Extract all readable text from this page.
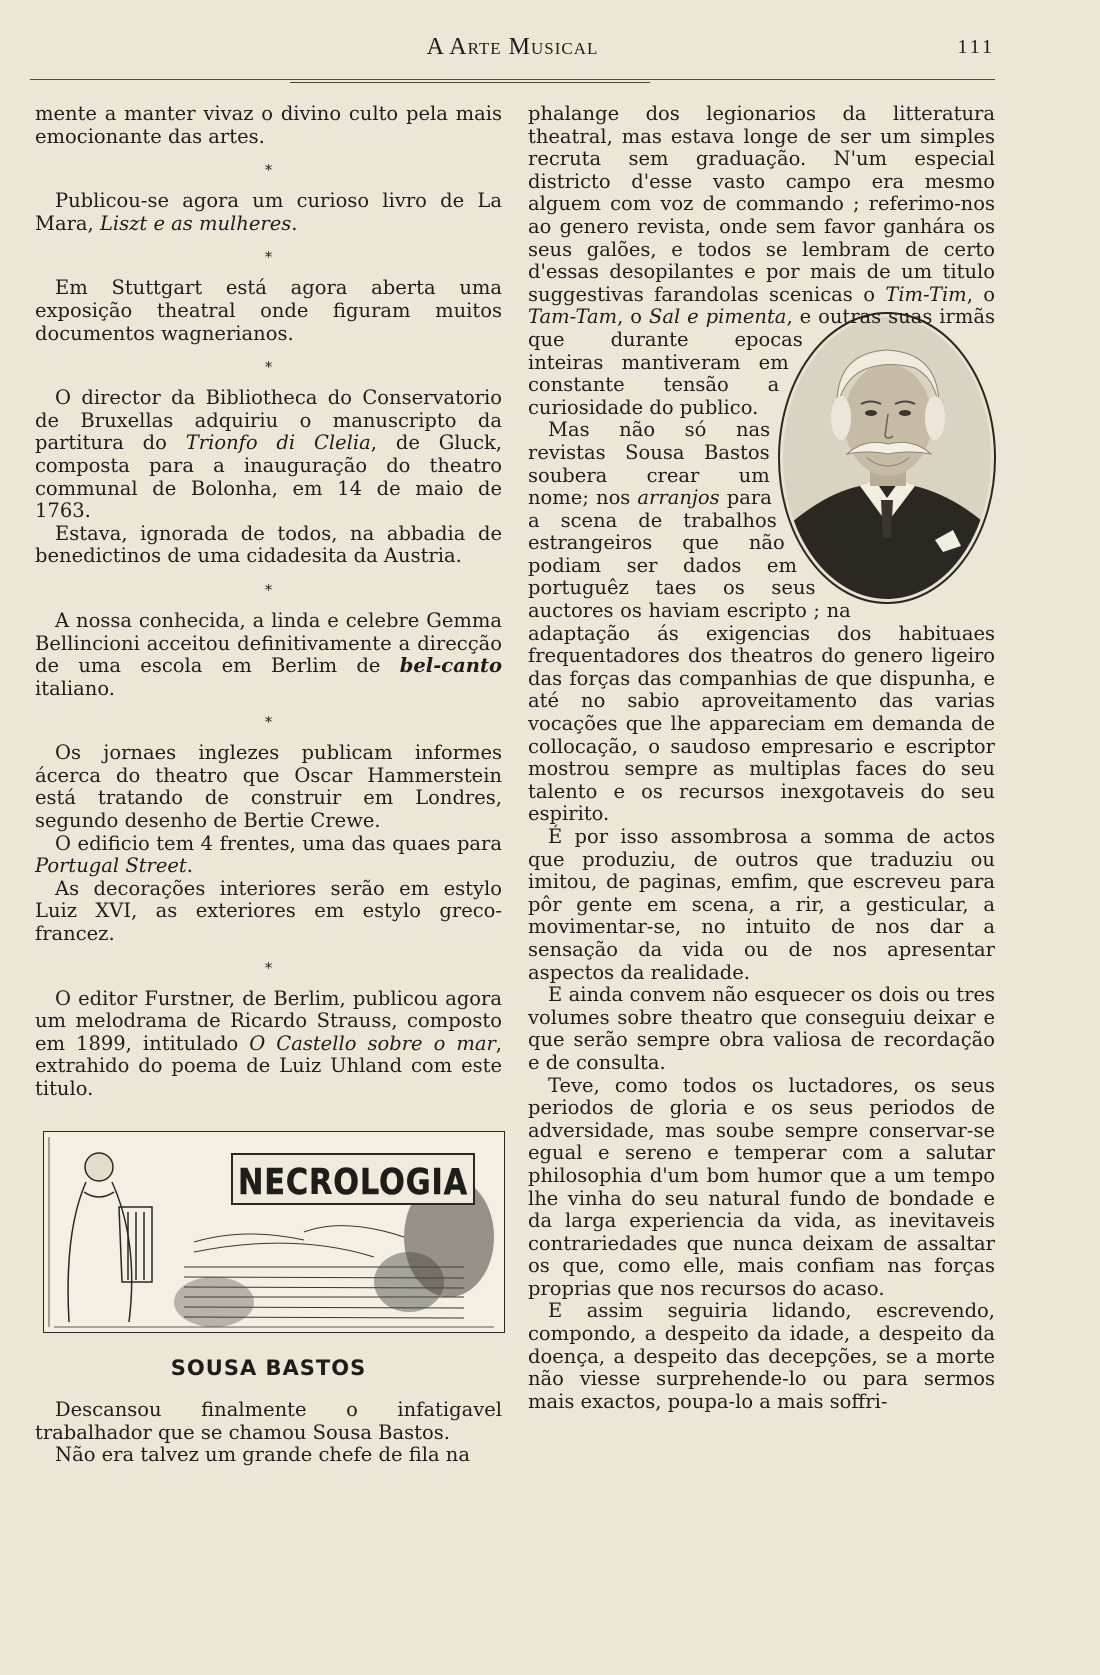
A Arte Musical	111

mente a manter vivaz o divino culto pela mais emocionante das artes.

*

Publicou-se agora um curioso livro de La Mara, Liszt e as mulheres.

*

Em Stuttgart está agora aberta uma exposição theatral onde figuram muitos documentos wagnerianos.

*

O director da Bibliotheca do Conservatorio de Bruxellas adquiriu o manuscripto da partitura do Trionfo di Clelia, de Gluck, composta para a inauguração do theatro communal de Bolonha, em 14 de maio de 1763.

Estava, ignorada de todos, na abbadia de benedictinos de uma cidadesita da Austria.

*

A nossa conhecida, a linda e celebre Gemma Bellincioni acceitou definitivamente a direcção de uma escola em Berlim de bel-canto italiano.

*

Os jornaes inglezes publicam informes ácerca do theatro que Oscar Hammerstein está tratando de construir em Londres, segundo desenho de Bertie Crewe.

O edificio tem 4 frentes, uma das quaes para Portugal Street.

As decorações interiores serão em estylo Luiz XVI, as exteriores em estylo greco-francez.

*

O editor Furstner, de Berlim, publicou agora um melodrama de Ricardo Strauss, composto em 1899, intitulado O Castello sobre o mar, extrahido do poema de Luiz Uhland com este titulo.

NECROLOGIA
SOUSA BASTOS

Descansou finalmente o infatigavel trabalhador que se chamou Sousa Bastos.

Não era talvez um grande chefe de fila na

phalange dos legionarios da litteratura theatral, mas estava longe de ser um simples recruta sem graduação. N'um especial districto d'esse vasto campo era mesmo alguem com voz de commando ; referimo-nos ao genero revista, onde sem favor ganhára os seus galões, e todos se lembram de certo d'essas desopilantes e por mais de um titulo suggestivas farandolas scenicas o Tim-Tim, o Tam-Tam, o
Sal e pimenta, e outras suas irmãs que durante epocas inteiras mantiveram em constante tensão a curiosidade do publico.

Mas não só nas revistas Sousa Bastos soubera crear um nome; nos arranjos para a scena de trabalhos estrangeiros que não podiam ser dados em portuguêz taes os seus auctores os haviam escripto ; na adaptação ás exigencias dos habituaes frequentadores dos theatros do genero ligeiro das forças das companhias de que dispunha, e até no sabio aproveitamento das varias vocações que lhe appareciam em demanda de collocação, o saudoso empresario e escriptor mostrou sempre as multiplas faces do seu talento e os recursos inexgotaveis do seu espirito.

É por isso assombrosa a somma de actos que produziu, de outros que traduziu ou imitou, de paginas, emfim, que escreveu para pôr gente em scena, a rir, a gesticular, a movimentar-se, no intuito de nos dar a sensação da vida ou de nos apresentar aspectos da realidade.

E ainda convem não esquecer os dois ou tres volumes sobre theatro que conseguiu deixar e que serão sempre obra valiosa de recordação e de consulta.

Teve, como todos os luctadores, os seus periodos de gloria e os seus periodos de adversidade, mas soube sempre conservar-se egual e sereno e temperar com a salutar philosophia d'um bom humor que a um tempo lhe vinha do seu natural fundo de bondade e da larga experiencia da vida, as inevitaveis contrariedades que nunca deixam de assaltar os que, como elle, mais confiam nas forças proprias que nos recursos do acaso.

E assim seguiria lidando, escrevendo, compondo, a despeito da idade, a despeito da doença, a despeito das decepções, se a morte não viesse surprehende-lo ou para sermos mais exactos, poupa-lo a mais soffri-
